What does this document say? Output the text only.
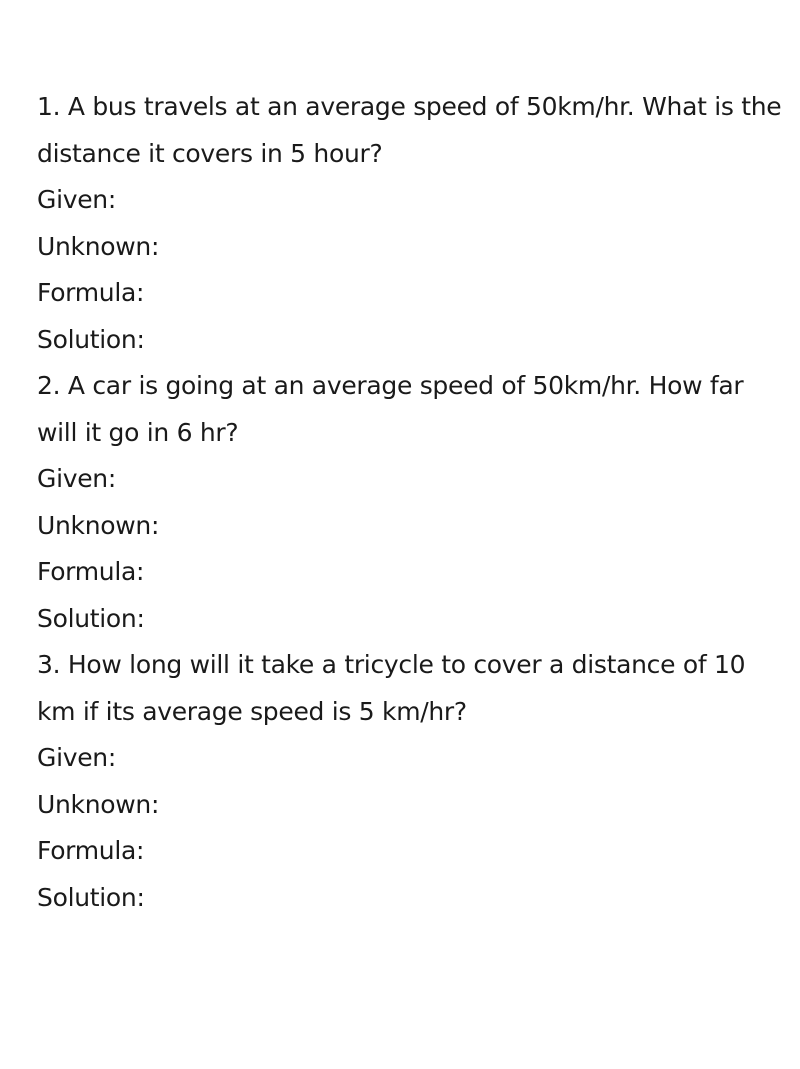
1. A bus travels at an average speed of 50km/hr. What is the distance it covers in 5 hour?

Given:
Unknown:
Formula:
Solution:

2. A car is going at an average speed of 50km/hr. How far will it go in 6 hr?

Given:
Unknown:
Formula:
Solution:

3. How long will it take a tricycle to cover a distance of 10 km if its average speed is 5 km/hr?

Given:
Unknown:
Formula:
Solution:
